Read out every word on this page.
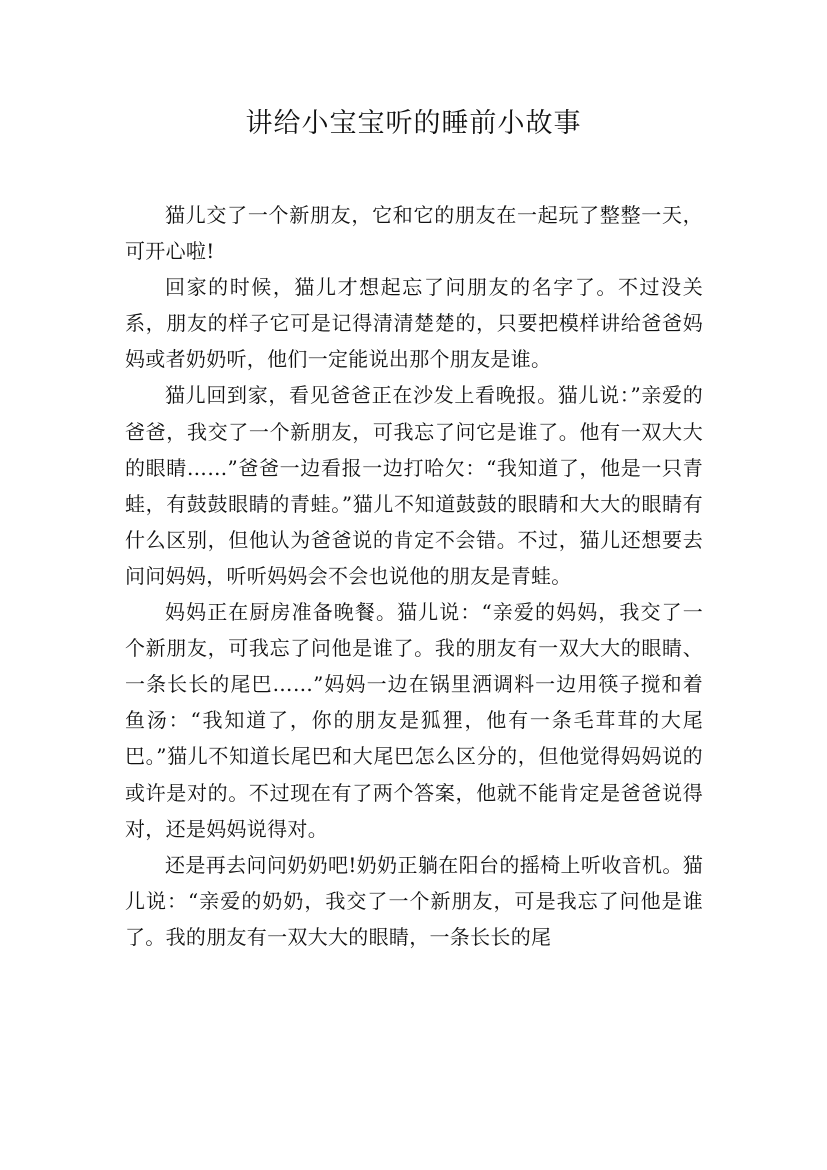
讲给小宝宝听的睡前小故事

猫儿交了一个新朋友，它和它的朋友在一起玩了整整一天，可开心啦!

回家的时候，猫儿才想起忘了问朋友的名字了。不过没关系，朋友的样子它可是记得清清楚楚的，只要把模样讲给爸爸妈妈或者奶奶听，他们一定能说出那个朋友是谁。

猫儿回到家，看见爸爸正在沙发上看晚报。猫儿说：”亲爱的爸爸，我交了一个新朋友，可我忘了问它是谁了。他有一双大大的眼睛……”爸爸一边看报一边打哈欠：“我知道了，他是一只青蛙，有鼓鼓眼睛的青蛙。”猫儿不知道鼓鼓的眼睛和大大的眼睛有什么区别，但他认为爸爸说的肯定不会错。不过，猫儿还想要去问问妈妈，听听妈妈会不会也说他的朋友是青蛙。

妈妈正在厨房准备晚餐。猫儿说：“亲爱的妈妈，我交了一个新朋友，可我忘了问他是谁了。我的朋友有一双大大的眼睛、一条长长的尾巴……”妈妈一边在锅里洒调料一边用筷子搅和着鱼汤：“我知道了，你的朋友是狐狸，他有一条毛茸茸的大尾巴。”猫儿不知道长尾巴和大尾巴怎么区分的，但他觉得妈妈说的或许是对的。不过现在有了两个答案，他就不能肯定是爸爸说得对，还是妈妈说得对。

还是再去问问奶奶吧!奶奶正躺在阳台的摇椅上听收音机。猫儿说：“亲爱的奶奶，我交了一个新朋友，可是我忘了问他是谁了。我的朋友有一双大大的眼睛，一条长长的尾
